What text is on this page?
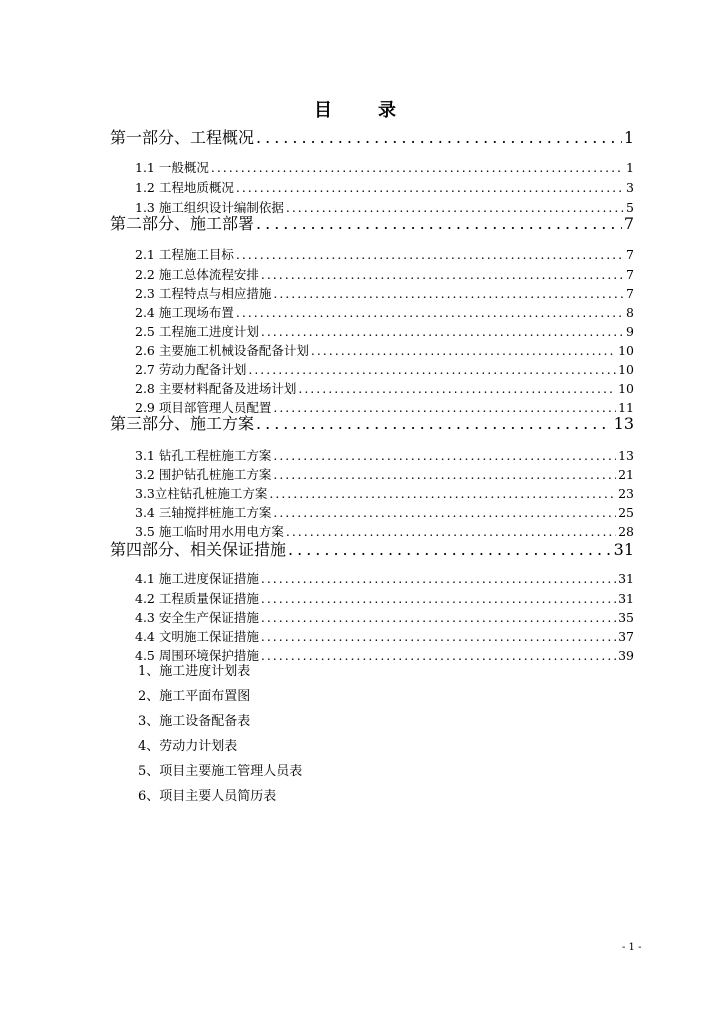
目　录
第一部分、工程概况 .....	1
1.1 一般概况 .....	1
1.2 工程地质概况 .....	3
1.3 施工组织设计编制依据 .....	5
第二部分、施工部署 .....	7
2.1 工程施工目标 .....	7
2.2 施工总体流程安排 .....	7
2.3 工程特点与相应措施 .....	7
2.4 施工现场布置 .....	8
2.5 工程施工进度计划 .....	9
2.6 主要施工机械设备配备计划 .....	10
2.7 劳动力配备计划 .....	10
2.8 主要材料配备及进场计划 .....	10
2.9 项目部管理人员配置 .....	11
第三部分、施工方案 .....	13
3.1 钻孔工程桩施工方案 .....	13
3.2 围护钻孔桩施工方案 .....	21
3.3立柱钻孔桩施工方案 .....	23
3.4 三轴搅拌桩施工方案 .....	25
3.5 施工临时用水用电方案 .....	28
第四部分、相关保证措施 .....	31
4.1 施工进度保证措施 .....	31
4.2 工程质量保证措施 .....	31
4.3 安全生产保证措施 .....	35
4.4 文明施工保证措施 .....	37
4.5 周围环境保护措施 .....	39
1、施工进度计划表
2、施工平面布置图
3、施工设备配备表
4、劳动力计划表
5、项目主要施工管理人员表
6、项目主要人员简历表
- 1 -
